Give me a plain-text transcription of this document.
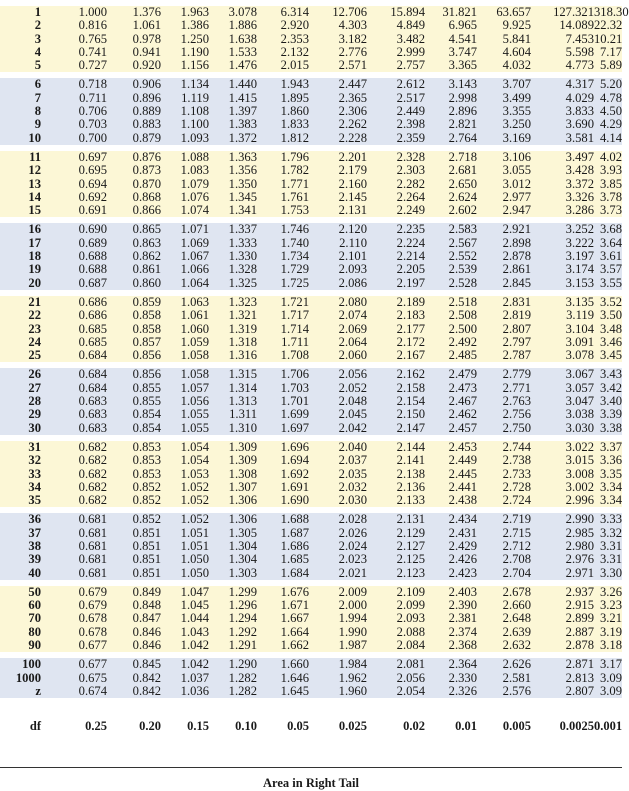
1	1.000	1.376	1.963	3.078	6.314	12.706	15.894	31.821	63.657	127.321	318.30
2	0.816	1.061	1.386	1.886	2.920	4.303	4.849	6.965	9.925	14.089	22.32
3	0.765	0.978	1.250	1.638	2.353	3.182	3.482	4.541	5.841	7.453	10.21
4	0.741	0.941	1.190	1.533	2.132	2.776	2.999	3.747	4.604	5.598	7.17
5	0.727	0.920	1.156	1.476	2.015	2.571	2.757	3.365	4.032	4.773	5.89

6	0.718	0.906	1.134	1.440	1.943	2.447	2.612	3.143	3.707	4.317	5.20
7	0.711	0.896	1.119	1.415	1.895	2.365	2.517	2.998	3.499	4.029	4.78
8	0.706	0.889	1.108	1.397	1.860	2.306	2.449	2.896	3.355	3.833	4.50
9	0.703	0.883	1.100	1.383	1.833	2.262	2.398	2.821	3.250	3.690	4.29
10	0.700	0.879	1.093	1.372	1.812	2.228	2.359	2.764	3.169	3.581	4.14

11	0.697	0.876	1.088	1.363	1.796	2.201	2.328	2.718	3.106	3.497	4.02
12	0.695	0.873	1.083	1.356	1.782	2.179	2.303	2.681	3.055	3.428	3.93
13	0.694	0.870	1.079	1.350	1.771	2.160	2.282	2.650	3.012	3.372	3.85
14	0.692	0.868	1.076	1.345	1.761	2.145	2.264	2.624	2.977	3.326	3.78
15	0.691	0.866	1.074	1.341	1.753	2.131	2.249	2.602	2.947	3.286	3.73

16	0.690	0.865	1.071	1.337	1.746	2.120	2.235	2.583	2.921	3.252	3.68
17	0.689	0.863	1.069	1.333	1.740	2.110	2.224	2.567	2.898	3.222	3.64
18	0.688	0.862	1.067	1.330	1.734	2.101	2.214	2.552	2.878	3.197	3.61
19	0.688	0.861	1.066	1.328	1.729	2.093	2.205	2.539	2.861	3.174	3.57
20	0.687	0.860	1.064	1.325	1.725	2.086	2.197	2.528	2.845	3.153	3.55

21	0.686	0.859	1.063	1.323	1.721	2.080	2.189	2.518	2.831	3.135	3.52
22	0.686	0.858	1.061	1.321	1.717	2.074	2.183	2.508	2.819	3.119	3.50
23	0.685	0.858	1.060	1.319	1.714	2.069	2.177	2.500	2.807	3.104	3.48
24	0.685	0.857	1.059	1.318	1.711	2.064	2.172	2.492	2.797	3.091	3.46
25	0.684	0.856	1.058	1.316	1.708	2.060	2.167	2.485	2.787	3.078	3.45

26	0.684	0.856	1.058	1.315	1.706	2.056	2.162	2.479	2.779	3.067	3.43
27	0.684	0.855	1.057	1.314	1.703	2.052	2.158	2.473	2.771	3.057	3.42
28	0.683	0.855	1.056	1.313	1.701	2.048	2.154	2.467	2.763	3.047	3.40
29	0.683	0.854	1.055	1.311	1.699	2.045	2.150	2.462	2.756	3.038	3.39
30	0.683	0.854	1.055	1.310	1.697	2.042	2.147	2.457	2.750	3.030	3.38

31	0.682	0.853	1.054	1.309	1.696	2.040	2.144	2.453	2.744	3.022	3.37
32	0.682	0.853	1.054	1.309	1.694	2.037	2.141	2.449	2.738	3.015	3.36
33	0.682	0.853	1.053	1.308	1.692	2.035	2.138	2.445	2.733	3.008	3.35
34	0.682	0.852	1.052	1.307	1.691	2.032	2.136	2.441	2.728	3.002	3.34
35	0.682	0.852	1.052	1.306	1.690	2.030	2.133	2.438	2.724	2.996	3.34

36	0.681	0.852	1.052	1.306	1.688	2.028	2.131	2.434	2.719	2.990	3.33
37	0.681	0.851	1.051	1.305	1.687	2.026	2.129	2.431	2.715	2.985	3.32
38	0.681	0.851	1.051	1.304	1.686	2.024	2.127	2.429	2.712	2.980	3.31
39	0.681	0.851	1.050	1.304	1.685	2.023	2.125	2.426	2.708	2.976	3.31
40	0.681	0.851	1.050	1.303	1.684	2.021	2.123	2.423	2.704	2.971	3.30

50	0.679	0.849	1.047	1.299	1.676	2.009	2.109	2.403	2.678	2.937	3.26
60	0.679	0.848	1.045	1.296	1.671	2.000	2.099	2.390	2.660	2.915	3.23
70	0.678	0.847	1.044	1.294	1.667	1.994	2.093	2.381	2.648	2.899	3.21
80	0.678	0.846	1.043	1.292	1.664	1.990	2.088	2.374	2.639	2.887	3.19
90	0.677	0.846	1.042	1.291	1.662	1.987	2.084	2.368	2.632	2.878	3.18

100	0.677	0.845	1.042	1.290	1.660	1.984	2.081	2.364	2.626	2.871	3.17
1000	0.675	0.842	1.037	1.282	1.646	1.962	2.056	2.330	2.581	2.813	3.09
z	0.674	0.842	1.036	1.282	1.645	1.960	2.054	2.326	2.576	2.807	3.09

df	0.25	0.20	0.15	0.10	0.05	0.025	0.02	0.01	0.005	0.0025	0.001
Area in Right Tail
